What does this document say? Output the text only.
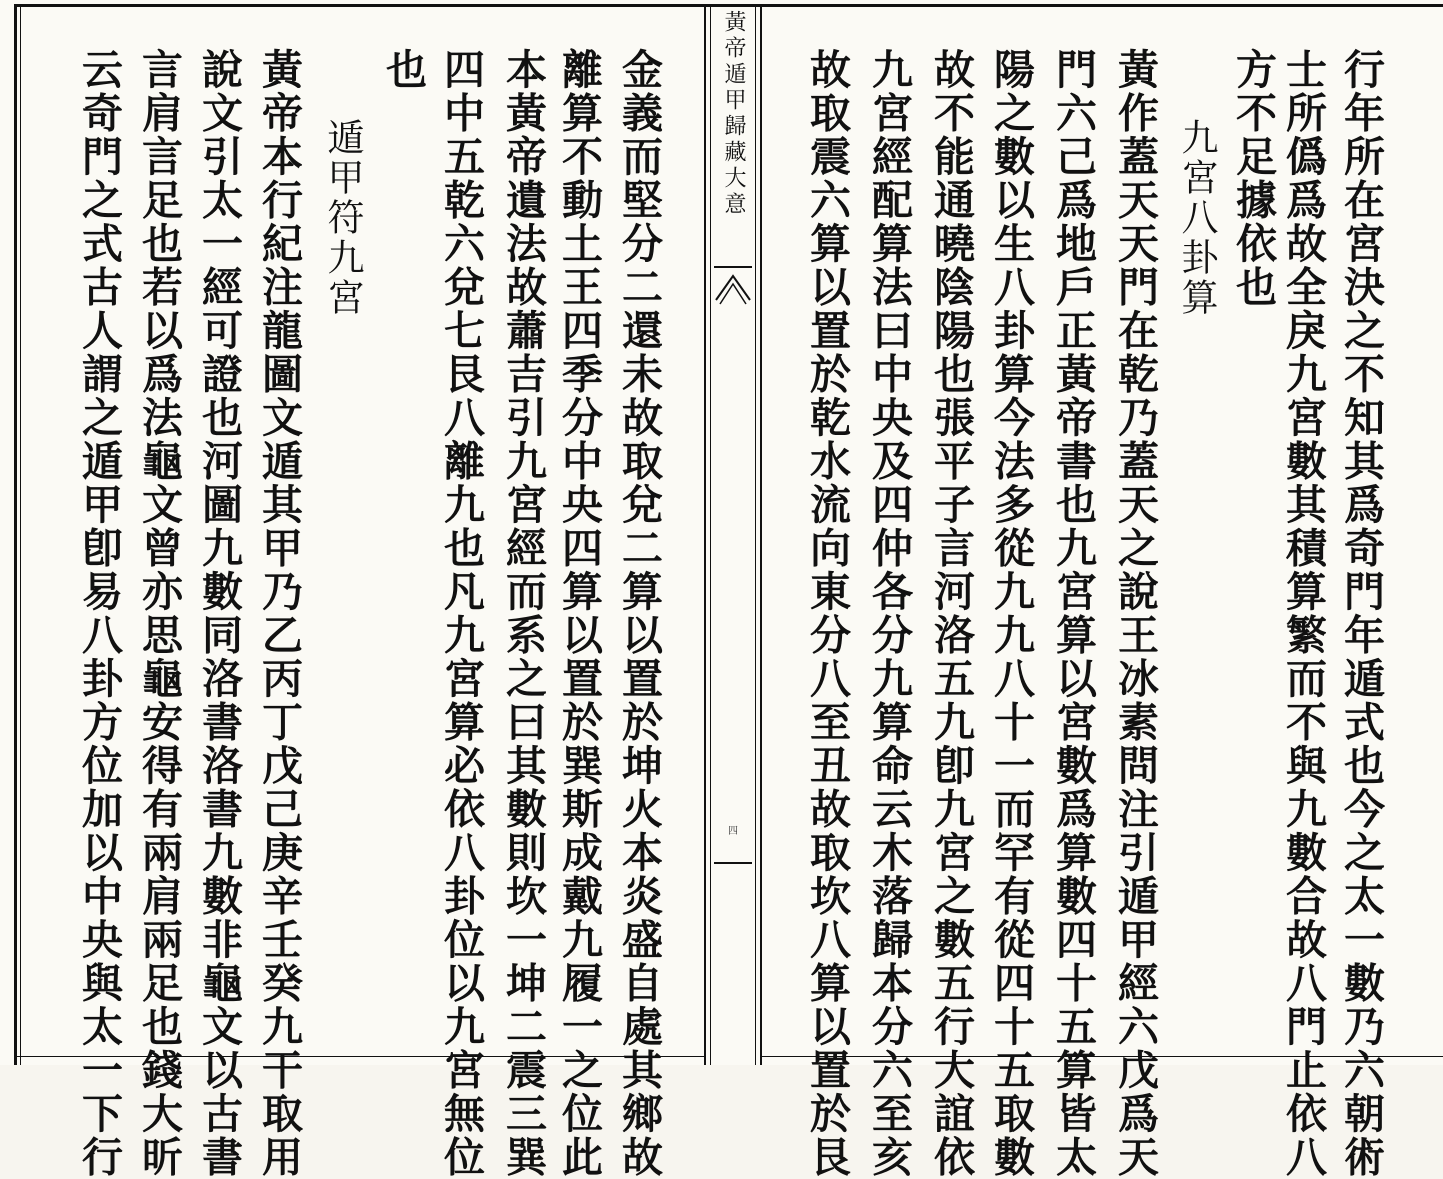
黃帝遁甲歸藏大意
四	行年所在宮決之不知其爲奇門年遁式也今之太一數乃六朝術
士所僞爲故全戾九宮數其積算繁而不與九數合故八門止依八
方不足據依也
九宮八卦算
黃作蓋天天門在乾乃蓋天之說王冰素問注引遁甲經六戊爲天
門六己爲地戶正黃帝書也九宮算以宮數爲算數四十五算皆太
陽之數以生八卦算今法多從九九八十一而罕有從四十五取數
故不能通曉陰陽也張平子言河洛五九卽九宮之數五行大誼依
九宮經配算法曰中央及四仲各分九算命云木落歸本分六至亥
故取震六算以置於乾水流向東分八至丑故取坎八算以置於艮
金義而堅分二還未故取兌二算以置於坤火本炎盛自處其鄉故
離算不動土王四季分中央四算以置於巽斯成戴九履一之位此
本黃帝遺法故蕭吉引九宮經而系之曰其數則坎一坤二震三巽
四中五乾六兌七艮八離九也凡九宮算必依八卦位以九宮無位
也
遁甲符九宮
黃帝本行紀注龍圖文遁其甲乃乙丙丁戊己庚辛壬癸九干取用
說文引太一經可證也河圖九數同洛書洛書九數非龜文以古書
言肩言足也若以爲法龜文曾亦思龜安得有兩肩兩足也錢大昕
云奇門之式古人謂之遁甲卽易八卦方位加以中央與太一下行
